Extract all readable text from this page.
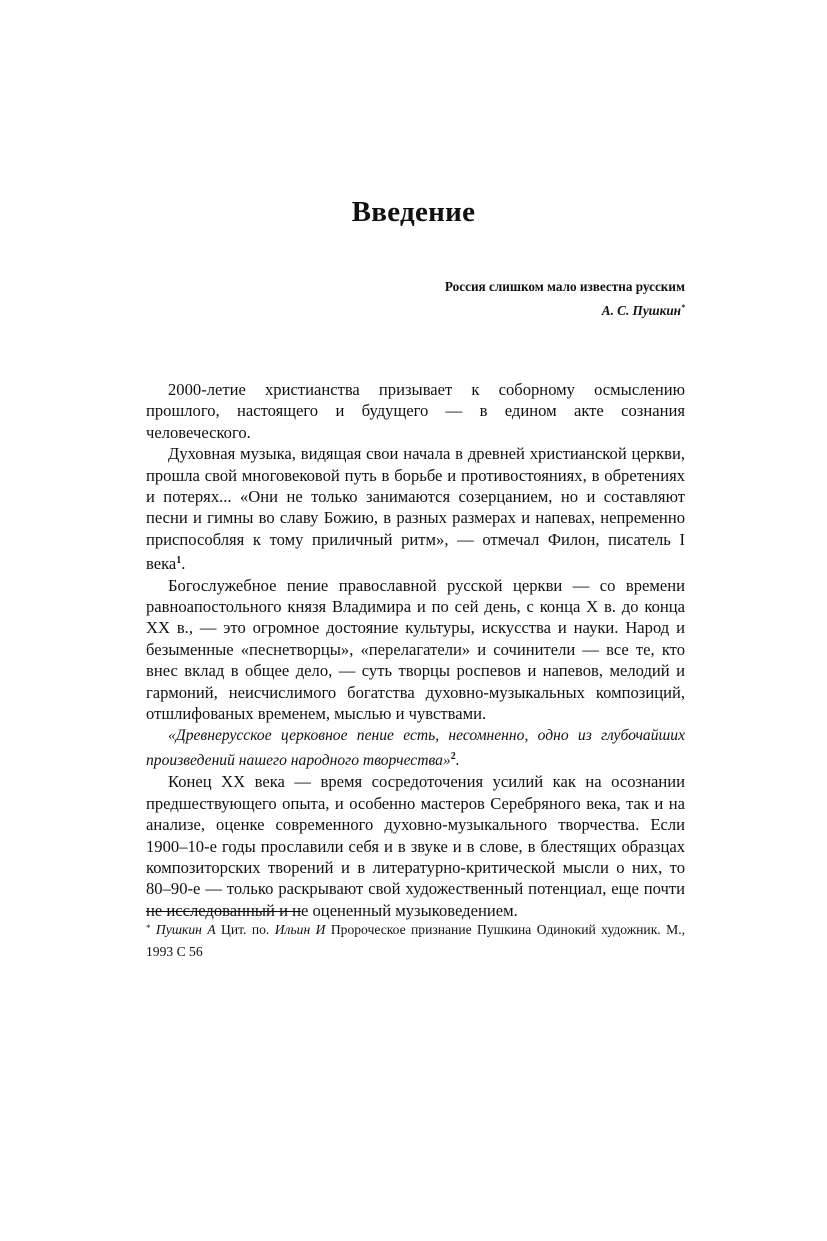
Введение
Россия слишком мало известна русским
А. С. Пушкин*

2000-летие христианства призывает к соборному осмыслению прошлого, настоящего и будущего — в едином акте сознания человеческого.

Духовная музыка, видящая свои начала в древней христианской церкви, прошла свой многовековой путь в борьбе и противостояниях, в обретениях и потерях... «Они не только занимаются созерцанием, но и составляют песни и гимны во славу Божию, в разных размерах и напевах, непременно приспособляя к тому приличный ритм», — отмечал Филон, писатель I века$^1$.

Богослужебное пение православной русской церкви — со времени равноапостольного князя Владимира и по сей день, с конца X в. до конца XX в., — это огромное достояние культуры, искусства и науки. Народ и безыменные «песнетворцы», «перелагатели» и сочинители — все те, кто внес вклад в общее дело, — суть творцы роспевов и напевов, мелодий и гармоний, неисчислимого богатства духовно-музыкальных композиций, отшлифованых временем, мыслью и чувствами.

«Древнерусское церковное пение есть, несомненно, одно из глубочайших произведений нашего народного творчества»$^2$.

Конец XX века — время сосредоточения усилий как на осознании предшествующего опыта, и особенно мастеров Серебряного века, так и на анализе, оценке современного духовно-музыкального творчества. Если 1900–10-е годы прославили себя и в звуке и в слове, в блестящих образцах композиторских творений и в литературно-критической мысли о них, то 80–90-е — только раскрывают свой художественный потенциал, еще почти не исследованный и не оцененный музыковедением.

* Пушкин А Цит. по. Ильин И Пророческое признание Пушкина Одинокий художник. М., 1993 С 56
